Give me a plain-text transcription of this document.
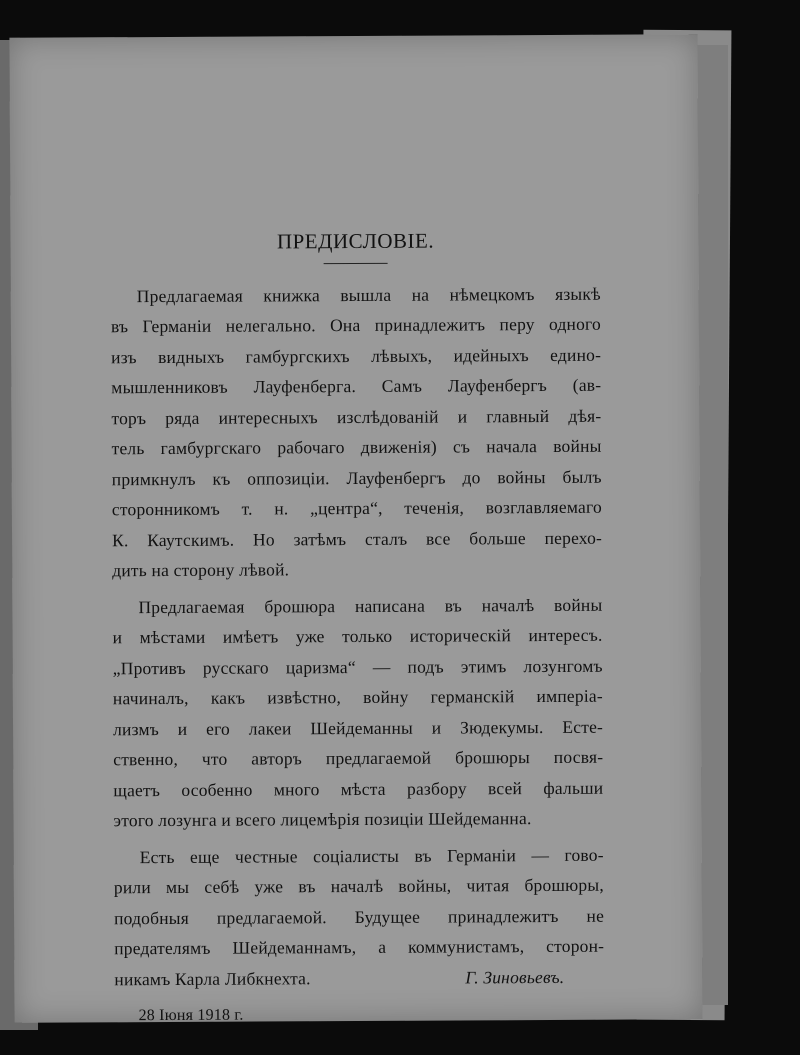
ПРЕДИСЛОВІЕ.
Предлагаемая книжка вышла на нѣмецкомъ языкѣ
въ Германіи нелегально. Она принадлежитъ перу одного
изъ видныхъ гамбургскихъ лѣвыхъ, идейныхъ едино-
мышленниковъ Лауфенберга. Самъ Лауфенбергъ (ав-
торъ ряда интересныхъ изслѣдованій и главный дѣя-
тель гамбургскаго рабочаго движенія) съ начала войны
примкнулъ къ оппозиціи. Лауфенбергъ до войны былъ
сторонникомъ т. н. „центра“, теченія, возглавляемаго
К. Каутскимъ. Но затѣмъ сталъ все больше перехо-
дить на сторону лѣвой.
Предлагаемая брошюра написана въ началѣ войны
и мѣстами имѣетъ уже только историческій интересъ.
„Противъ русскаго царизма“ — подъ этимъ лозунгомъ
начиналъ, какъ извѣстно, войну германскій имперіа-
лизмъ и его лакеи Шейдеманны и Зюдекумы. Есте-
ственно, что авторъ предлагаемой брошюры посвя-
щаетъ особенно много мѣста разбору всей фальши
этого лозунга и всего лицемѣрія позиціи Шейдеманна.
Есть еще честные соціалисты въ Германіи — гово-
рили мы себѣ уже въ началѣ войны, читая брошюры,
подобныя предлагаемой. Будущее принадлежитъ не
предателямъ Шейдеманнамъ, а коммунистамъ, сторон-
никамъ Карла Либкнехта.	Г. Зиновьевъ.
28 Іюня 1918 г.
